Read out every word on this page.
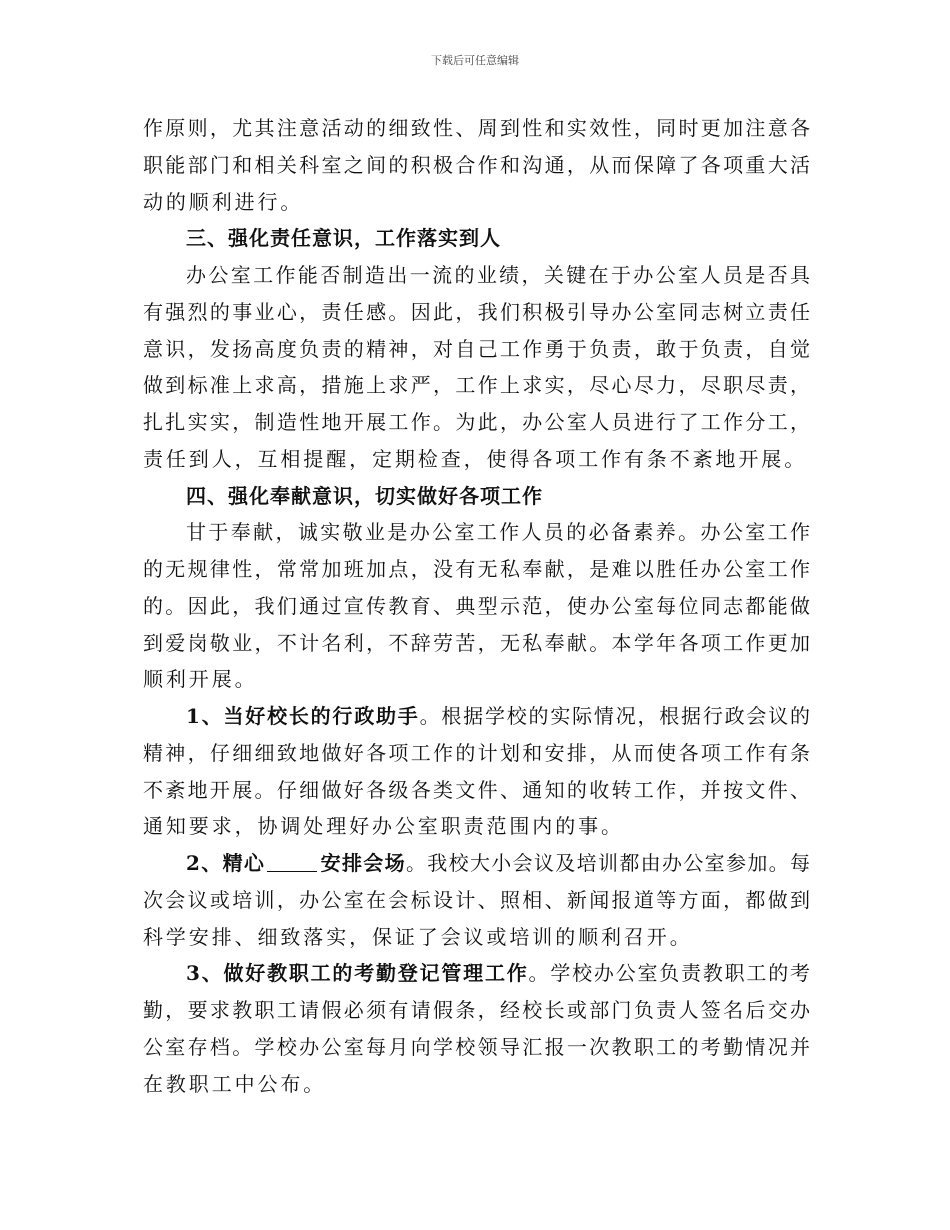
下载后可任意编辑
作原则，尤其注意活动的细致性、周到性和实效性，同时更加注意各
职能部门和相关科室之间的积极合作和沟通，从而保障了各项重大活
动的顺利进行。
三、强化责任意识，工作落实到人
办公室工作能否制造出一流的业绩，关键在于办公室人员是否具
有强烈的事业心，责任感。因此，我们积极引导办公室同志树立责任
意识，发扬高度负责的精神，对自己工作勇于负责，敢于负责，自觉
做到标准上求高，措施上求严，工作上求实，尽心尽力，尽职尽责，
扎扎实实，制造性地开展工作。为此，办公室人员进行了工作分工，
责任到人，互相提醒，定期检查，使得各项工作有条不紊地开展。
四、强化奉献意识，切实做好各项工作
甘于奉献，诚实敬业是办公室工作人员的必备素养。办公室工作
的无规律性，常常加班加点，没有无私奉献，是难以胜任办公室工作
的。因此，我们通过宣传教育、典型示范，使办公室每位同志都能做
到爱岗敬业，不计名利，不辞劳苦，无私奉献。本学年各项工作更加
顺利开展。
1、当好校长的行政助手。根据学校的实际情况，根据行政会议的
精神，仔细细致地做好各项工作的计划和安排，从而使各项工作有条
不紊地开展。仔细做好各级各类文件、通知的收转工作，并按文件、
通知要求，协调处理好办公室职责范围内的事。
2、精心	安排会场。我校大小会议及培训都由办公室参加。每
次会议或培训，办公室在会标设计、照相、新闻报道等方面，都做到
科学安排、细致落实，保证了会议或培训的顺利召开。
3、做好教职工的考勤登记管理工作。学校办公室负责教职工的考
勤，要求教职工请假必须有请假条，经校长或部门负责人签名后交办
公室存档。学校办公室每月向学校领导汇报一次教职工的考勤情况并
在教职工中公布。
